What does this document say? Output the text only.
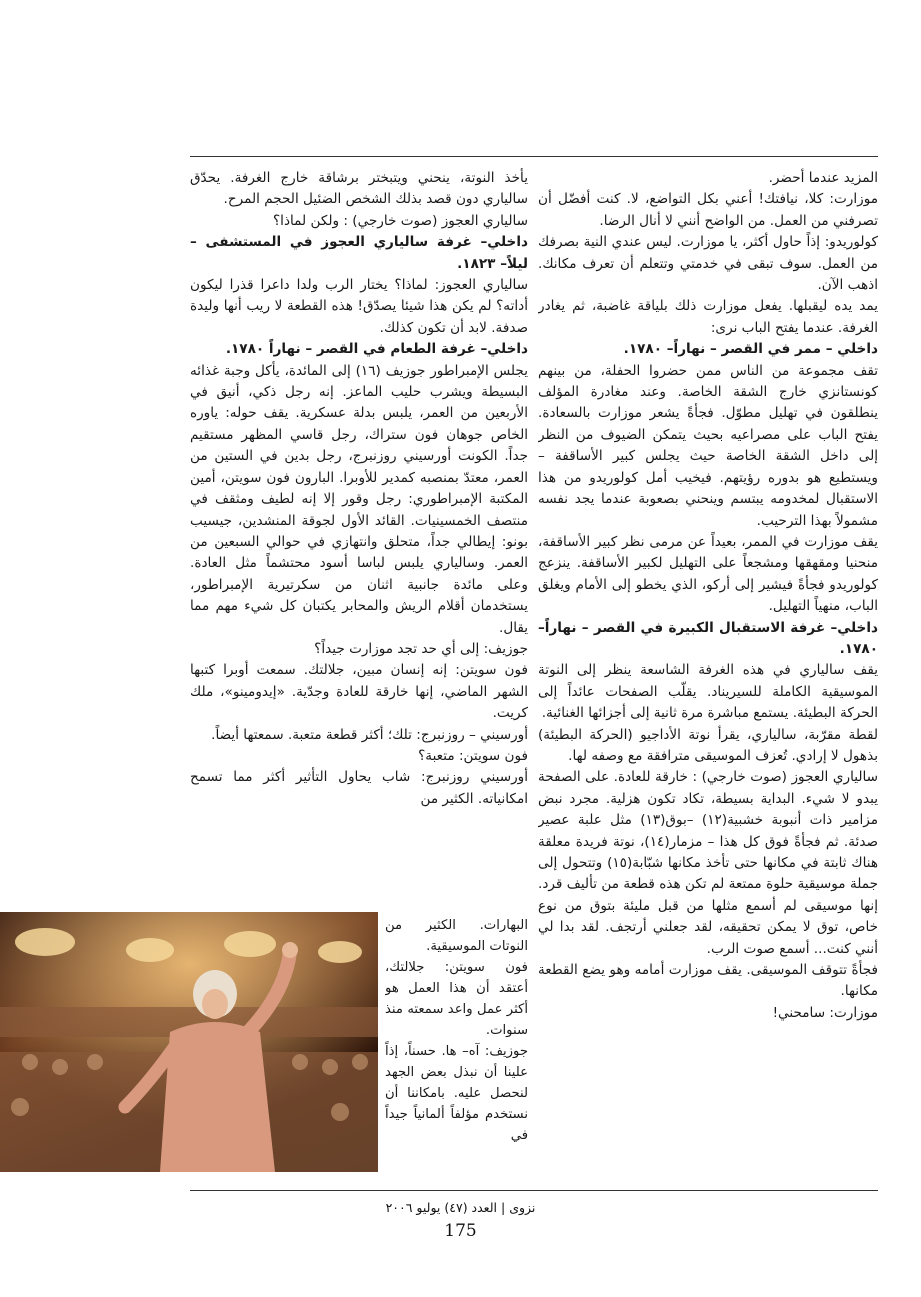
المزيد عندما أحضر.

موزارت: كلا، نيافتك! أعني بكل التواضع، لا. كنت أفضّل أن تصرفني من العمل. من الواضح أنني لا أنال الرضا.

كولوريدو: إذاً حاول أكثر، يا موزارت. ليس عندي النية بصرفك من العمل. سوف تبقى في خدمتي وتتعلم أن تعرف مكانك. اذهب الآن.

يمد يده ليقبلها. يفعل موزارت ذلك بلياقة غاضبة، ثم يغادر الغرفة. عندما يفتح الباب نرى:

داخلي – ممر في القصر – نهاراً– ١٧٨٠.

تقف مجموعة من الناس ممن حضروا الحفلة، من بينهم كونستانزي خارج الشقة الخاصة. وعند مغادرة المؤلف ينطلقون في تهليل مطوّل. فجأةً يشعر موزارت بالسعادة. يفتح الباب على مصراعيه بحيث يتمكن الضيوف من النظر إلى داخل الشقة الخاصة حيث يجلس كبير الأساقفة – ويستطيع هو بدوره رؤيتهم. فيخيب أمل كولوريدو من هذا الاستقبال لمخدومه يبتسم وينحني بصعوبة عندما يجد نفسه مشمولاً بهذا الترحيب.

يقف موزارت في الممر، بعيداً عن مرمى نظر كبير الأساقفة، منحنيا ومقهقها ومشجعاً على التهليل لكبير الأساقفة. ينزعج كولوريدو فجأةً فيشير إلى أركو، الذي يخطو إلى الأمام ويغلق الباب، منهياً التهليل.

داخلي– غرفة الاستقبال الكبيرة في القصر – نهاراً– ١٧٨٠.

يقف سالياري في هذه الغرفة الشاسعة ينظر إلى النوتة الموسيقية الكاملة للسيريناد. يقلّب الصفحات عائداً إلى الحركة البطيئة. يستمع مباشرة مرة ثانية إلى أجزائها الغنائية.

لقطة مقرّبة، سالياري، يقرأ نوتة الأداجيو (الحركة البطيئة) بذهول لا إرادي. تُعزف الموسيقى مترافقة مع وصفه لها.

سالياري العجوز (صوت خارجي) : خارقة للعادة. على الصفحة يبدو لا شيء. البداية بسيطة، تكاد تكون هزلية. مجرد نبض مزامير ذات أنبوبة خشبية(١٢) –بوق(١٣) مثل علبة عصير صدئة. ثم فجأةً فوق كل هذا – مزمار(١٤)، نوتة فريدة معلقة هناك ثابتة في مكانها حتى تأخذ مكانها شبّابة(١٥) وتتحول إلى جملة موسيقية حلوة ممتعة لم تكن هذه قطعة من تأليف قرد. إنها موسيقى لم أسمع مثلها من قبل مليئة بتوق من نوع خاص، توق لا يمكن تحقيقه، لقد جعلني أرتجف. لقد بدا لي أنني كنت... أسمع صوت الرب.

فجأةً تتوقف الموسيقى. يقف موزارت أمامه وهو يضع القطعة مكانها.

موزارت: سامحني!

يأخذ النوتة، ينحني ويتبختر برشاقة خارج الغرفة. يحدّق سالياري دون قصد بذلك الشخص الضئيل الحجم المرح.

سالياري العجوز (صوت خارجي) : ولكن لماذا؟

داخلي– غرفة سالياري العجوز في المستشفى – ليلاً– ١٨٢٣.

سالياري العجوز: لماذا؟ يختار الرب ولدا داعرا قذرا ليكون أداته؟ لم يكن هذا شيئا يصدّق! هذه القطعة لا ريب أنها وليدة صدفة. لابد أن تكون كذلك.

داخلي– غرفة الطعام في القصر – نهاراً ١٧٨٠.

يجلس الإمبراطور جوزيف (١٦) إلى المائدة، يأكل وجبة غذائه البسيطة ويشرب حليب الماعز. إنه رجل ذكي، أنيق في الأربعين من العمر، يلبس بدلة عسكرية. يقف حوله: ياوره الخاص جوهان فون ستراك، رجل قاسي المظهر مستقيم جداً. الكونت أورسيني روزنبرج، رجل بدين في الستين من العمر، معتدّ بمنصبه كمدير للأوبرا. البارون فون سويتن، أمين المكتبة الإمبراطوري: رجل وقور إلا إنه لطيف ومثقف في منتصف الخمسينيات. القائد الأول لجوقة المنشدين، جيسيب بونو: إيطالي جداً، متحلق وانتهازي في حوالي السبعين من العمر. وسالياري يلبس لباسا أسود محتشماً مثل العادة. وعلى مائدة جانبية اثنان من سكرتيرية الإمبراطور، يستخدمان أقلام الريش والمحابر يكتبان كل شيء مهم مما يقال.

جوزيف: إلى أي حد تجد موزارت جيداً؟

فون سويتن: إنه إنسان مبين، جلالتك. سمعت أوبرا كتبها الشهر الماضي، إنها خارقة للعادة وجدّية. «إيدومينو»، ملك كريت.

أورسيني – روزنبرج: تلك؛ أكثر قطعة متعبة. سمعتها أيضاً.

فون سويتن: متعبة؟

أورسيني روزنبرج: شاب يحاول التأثير أكثر مما تسمح امكانياته. الكثير من

البهارات. الكثير من النوتات الموسيقية.

فون سويتن: جلالتك، أعتقد أن هذا العمل هو أكثر عمل واعد سمعته منذ سنوات.

جوزيف: آه– ها. حسناً، إذاً علينا أن نبذل بعض الجهد لنحصل عليه. بامكاننا أن نستخدم مؤلفاً ألمانياً جيداً في

نزوى | العدد (٤٧) يوليو ٢٠٠٦
175
